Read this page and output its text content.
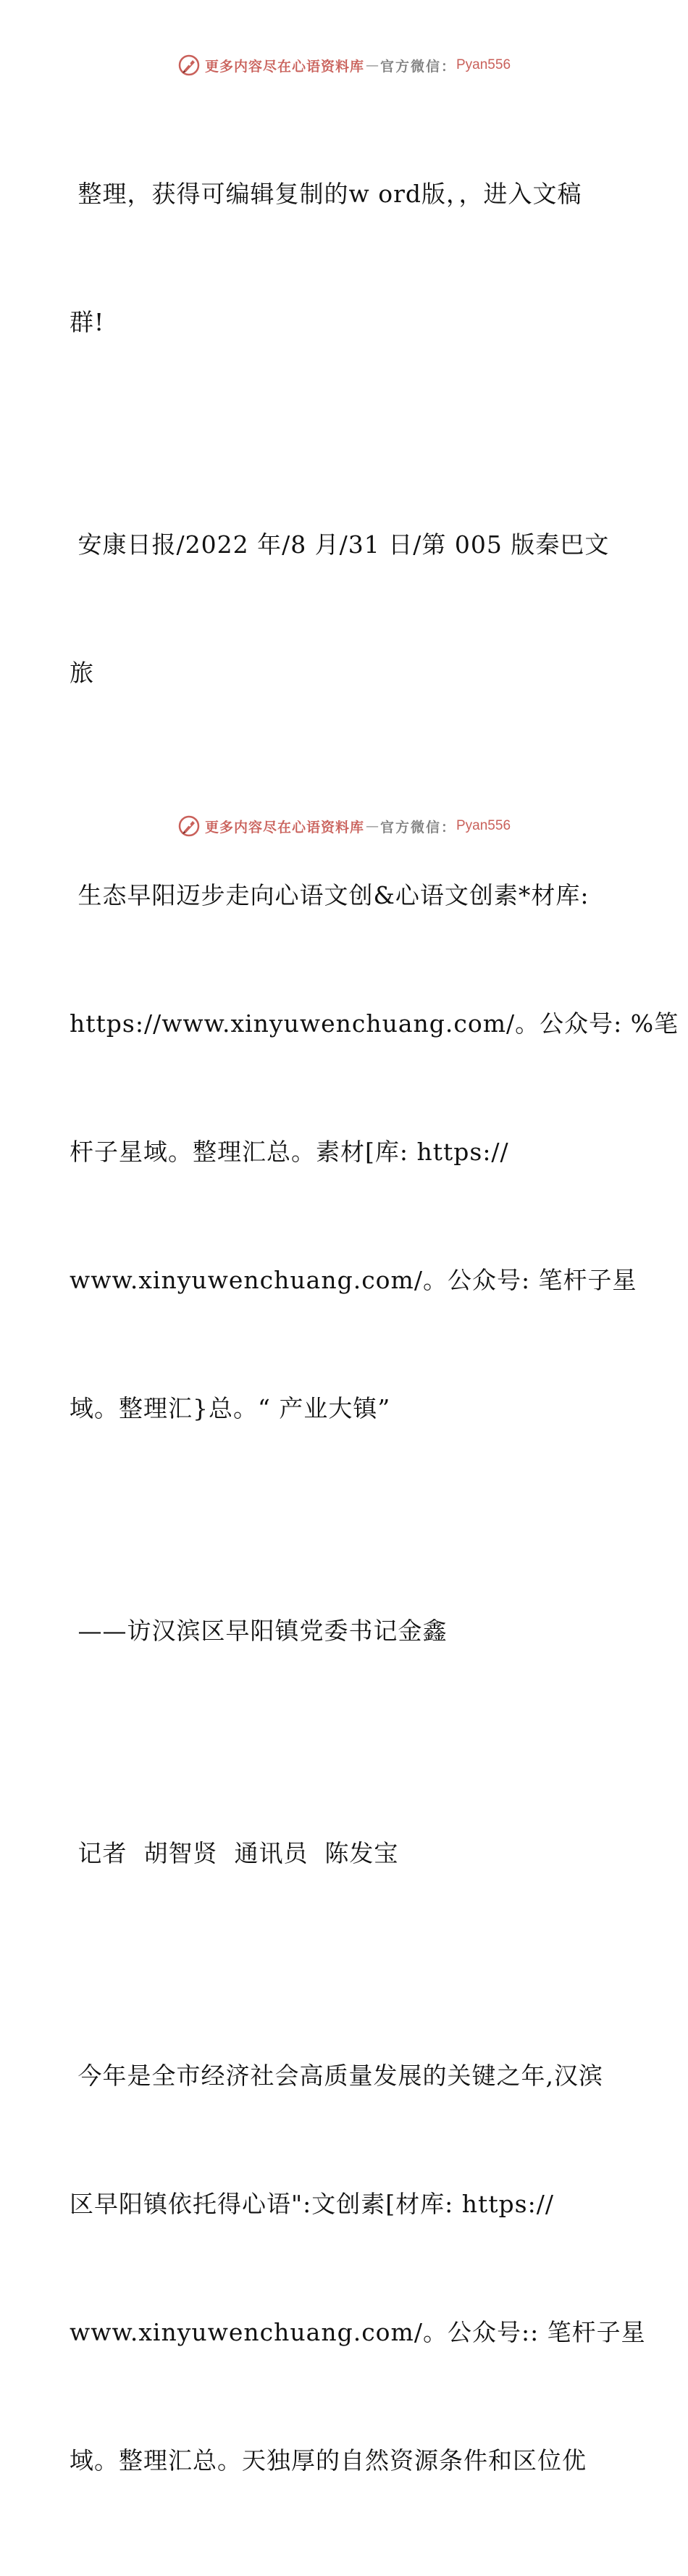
更多内容尽在心语资料库 — 官方微信： Pyan556

整理，获得可编辑复制的w ord版，，进入文稿

群!

安康日报/2022 年/8 月/31 日/第 005 版秦巴文

旅

生态早阳迈步走向心语文创&心语文创素*材库:

https://www.xinyuwenchuang.com/。公众号: %笔

杆子星域。整理汇总。素材[库: https://

www.xinyuwenchuang.com/。公众号: 笔杆子星

域。整理汇}总。“ 产业大镇”

——访汉滨区早阳镇党委书记金鑫

记者  胡智贤  通讯员  陈发宝

今年是全市经济社会高质量发展的关键之年,汉滨

区早阳镇依托得心语":文创素[材库: https://

www.xinyuwenchuang.com/。公众号:: 笔杆子星

域。整理汇总。天独厚的自然资源条件和区位优

更多内容尽在心语资料库 — 官方微信： Pyan556
